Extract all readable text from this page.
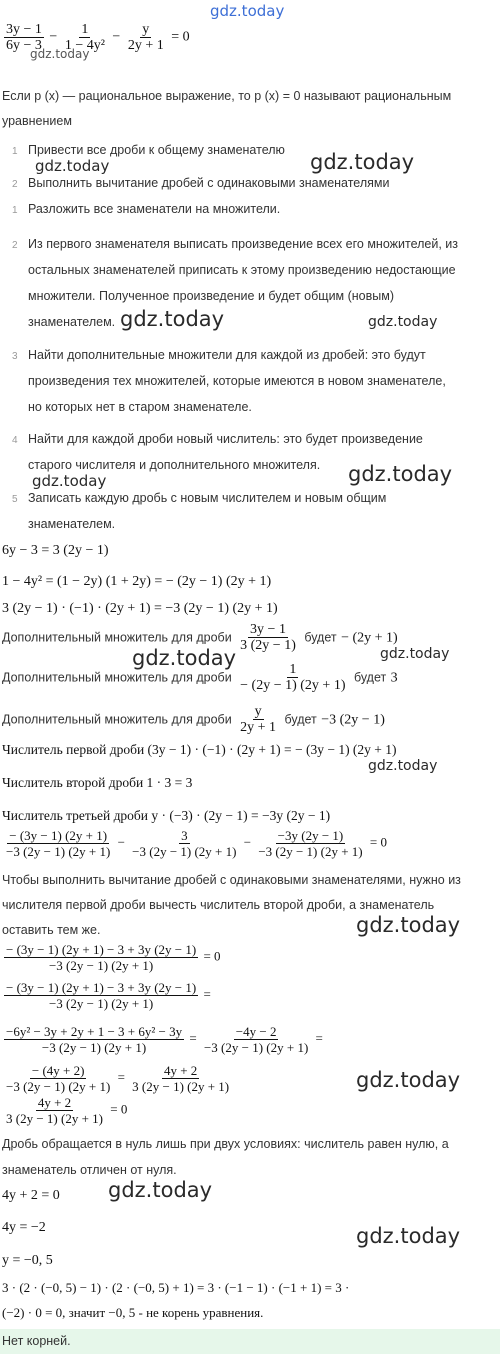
gdz.today
$\frac{3y - 1}{6y - 3} - \frac{1}{\text{1 − 4y²}} - \frac{y}{2y + 1} = 0$
gdz.today
Если p (x) — рациональное выражение, то p (x) = 0 называют рациональным
уравнением
1 Привести все дроби к общему знаменателю
gdz.today	gdz.today
2 Выполнить вычитание дробей с одинаковыми знаменателями
1 Разложить все знаменатели на множители.
2 Из первого знаменателя выписать произведение всех его множителей, из
остальных знаменателей приписать к этому произведению недостающие
множители. Полученное произведение и будет общим (новым)
знаменателем. gdz.today	gdz.today
3 Найти дополнительные множители для каждой из дробей: это будут
произведения тех множителей, которые имеются в новом знаменателе,
но которых нет в старом знаменателе.
4 Найти для каждой дроби новый числитель: это будет произведение
старого числителя и дополнительного множителя.
gdz.today	gdz.today
5 Записать каждую дробь с новым числителем и новым общим
знаменателем.
6y − 3 = 3 (2y − 1)
1 − 4y² = (1 − 2y) (1 + 2y) = − (2y − 1) (2y + 1)
3 (2y − 1) · (−1) · (2y + 1) = −3 (2y − 1) (2y + 1)
Дополнительный множитель для дроби $\frac{3y - 1}{3 (2y - 1)}$ будет − (2y + 1)
gdz.today	gdz.today
Дополнительный множитель для дроби $\frac{1}{- (2y - 1) (2y + 1)}$ будет 3
Дополнительный множитель для дроби $\frac{y}{2y + 1}$ будет −3 (2y − 1)
Числитель первой дроби (3y − 1) · (−1) · (2y + 1) = − (3y − 1) (2y + 1)
gdz.today
Числитель второй дроби 1 · 3 = 3
Числитель третьей дроби y · (−3) · (2y − 1) = −3y (2y − 1)
$\frac{- (3y - 1) (2y + 1)}{-3 (2y - 1) (2y + 1)} - \frac{3}{-3 (2y - 1) (2y + 1)} - \frac{-3y (2y - 1)}{-3 (2y - 1) (2y + 1)} = 0$
Чтобы выполнить вычитание дробей с одинаковыми знаменателями, нужно из
числителя первой дроби вычесть числитель второй дроби, а знаменатель
оставить тем же.	gdz.today
$\frac{- (3y - 1) (2y + 1) - 3 + 3y (2y - 1)}{-3 (2y - 1) (2y + 1)} = 0$
$\frac{- (3y - 1) (2y + 1) - 3 + 3y (2y - 1)}{-3 (2y - 1) (2y + 1)}$ =
$\frac{\text{−6y² − 3y + 2y + 1 − 3 + 6y² − 3y}}{-3 (2y - 1) (2y + 1)} = \frac{-4y - 2}{-3 (2y - 1) (2y + 1)}$ =
$\frac{- (4y + 2)}{-3 (2y - 1) (2y + 1)} = \frac{4y + 2}{3 (2y - 1) (2y + 1)}$	gdz.today
$\frac{4y + 2}{3 (2y - 1) (2y + 1)} = 0$
Дробь обращается в нуль лишь при двух условиях: числитель равен нулю, а
знаменатель отличен от нуля.
4y + 2 = 0 gdz.today
4y = −2	gdz.today
y = −0, 5
3 · (2 · (−0, 5) − 1) · (2 · (−0, 5) + 1) = 3 · (−1 − 1) · (−1 + 1) = 3 ·
(−2) · 0 = 0, значит −0, 5 - не корень уравнения.
Нет корней.
